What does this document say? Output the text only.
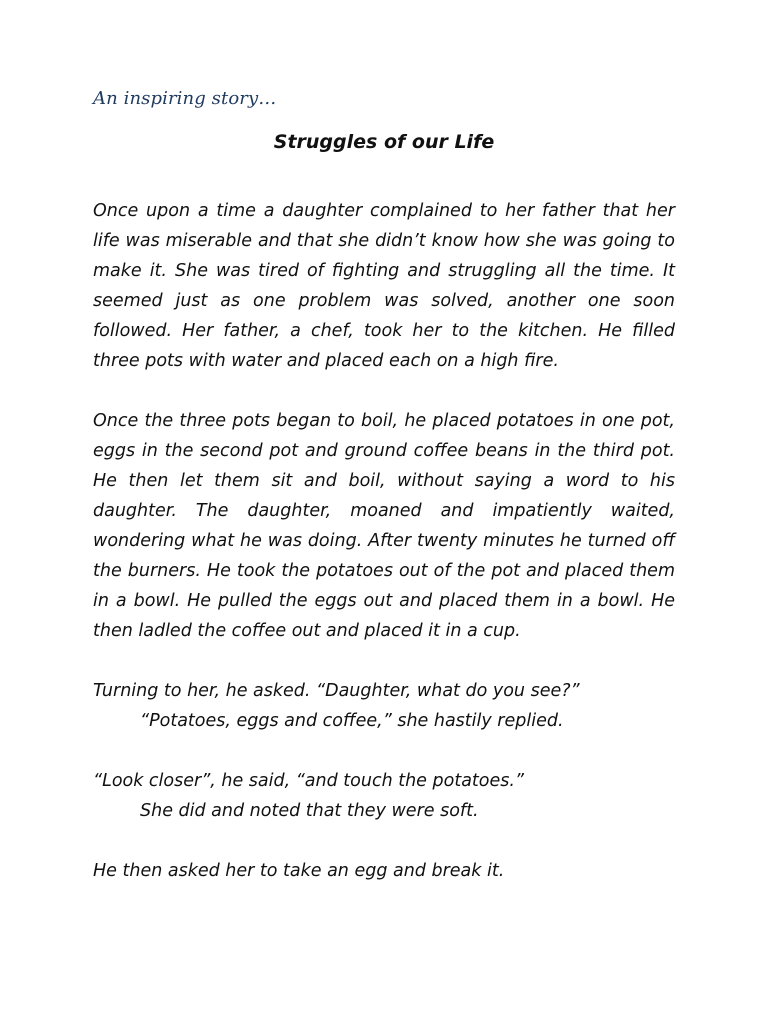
An inspiring story…
Struggles of our Life

Once upon a time a daughter complained to her father that her life was miserable and that she didn’t know how she was going to make it. She was tired of fighting and struggling all the time. It seemed just as one problem was solved, another one soon followed. Her father, a chef, took her to the kitchen. He filled three pots with water and placed each on a high fire.

Once the three pots began to boil, he placed potatoes in one pot, eggs in the second pot and ground coffee beans in the third pot. He then let them sit and boil, without saying a word to his daughter. The daughter, moaned and impatiently waited, wondering what he was doing. After twenty minutes he turned off the burners. He took the potatoes out of the pot and placed them in a bowl. He pulled the eggs out and placed them in a bowl. He then ladled the coffee out and placed it in a cup.

Turning to her, he asked. “Daughter, what do you see?”

“Potatoes, eggs and coffee,” she hastily replied.

“Look closer”, he said, “and touch the potatoes.”

She did and noted that they were soft.

He then asked her to take an egg and break it.
